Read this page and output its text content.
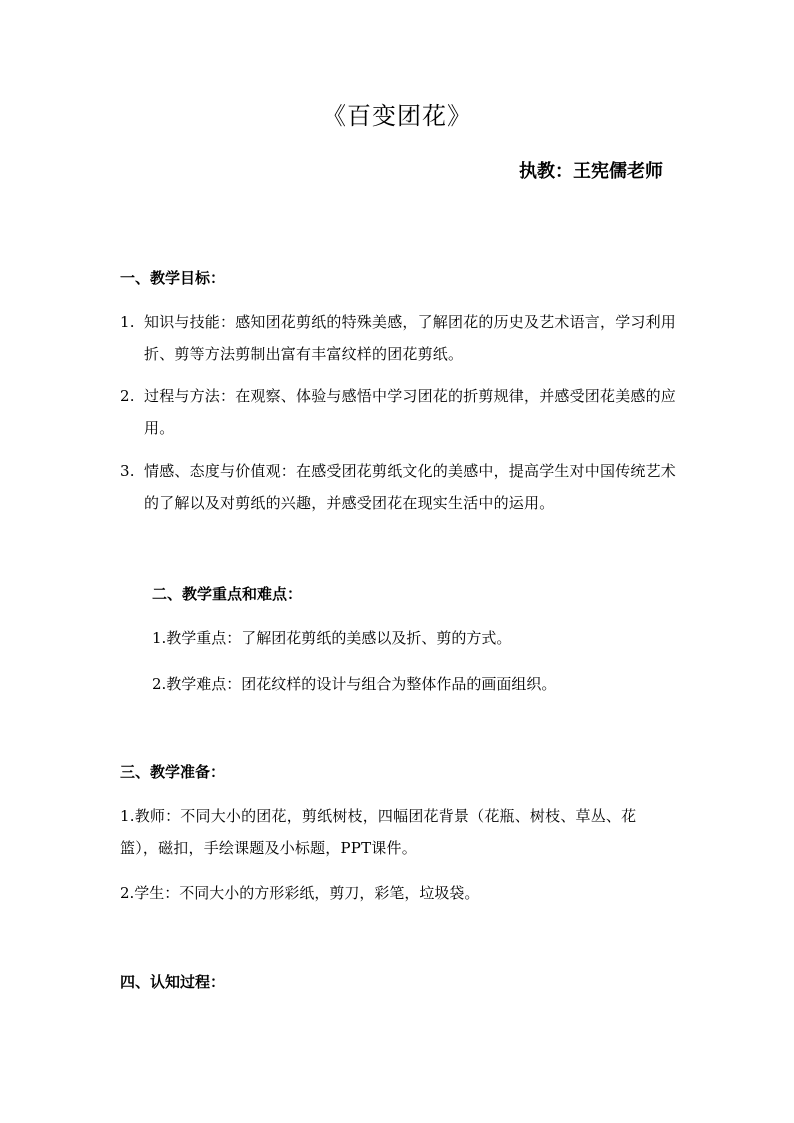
《百变团花》
执教：王宪儒老师
一、教学目标：
1. 知识与技能：感知团花剪纸的特殊美感，了解团花的历史及艺术语言，学习利用折、剪等方法剪制出富有丰富纹样的团花剪纸。
2. 过程与方法：在观察、体验与感悟中学习团花的折剪规律，并感受团花美感的应用。
3. 情感、态度与价值观：在感受团花剪纸文化的美感中，提高学生对中国传统艺术的了解以及对剪纸的兴趣，并感受团花在现实生活中的运用。
二、教学重点和难点：
1.教学重点：了解团花剪纸的美感以及折、剪的方式。
2.教学难点：团花纹样的设计与组合为整体作品的画面组织。
三、教学准备：
1.教师：不同大小的团花，剪纸树枝，四幅团花背景（花瓶、树枝、草丛、花篮），磁扣，手绘课题及小标题，PPT课件。
2.学生：不同大小的方形彩纸，剪刀，彩笔，垃圾袋。
四、认知过程：
